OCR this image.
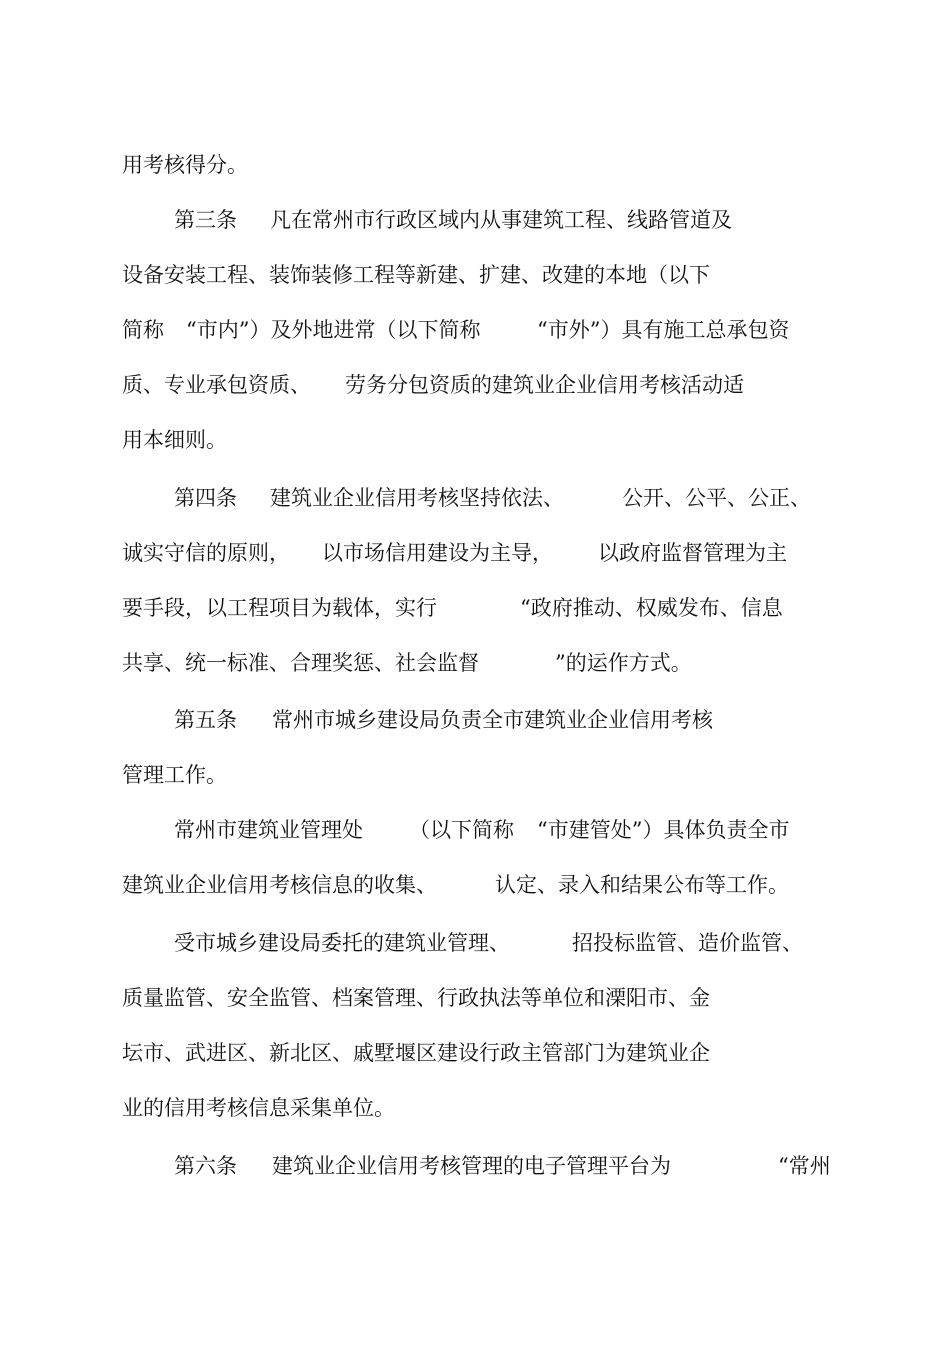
用考核得分。
第三条 凡在常州市行政区域内从事建筑工程、线路管道及
设备安装工程、装饰装修工程等新建、扩建、改建的本地（以下
简称 “市内”）及外地进常（以下简称	“市外”）具有施工总承包资
质、专业承包资质、 劳务分包资质的建筑业企业信用考核活动适
用本细则。
第四条 建筑业企业信用考核坚持依法、	公开、公平、公正、
诚实守信的原则， 以市场信用建设为主导， 以政府监督管理为主
要手段，以工程项目为载体，实行	“政府推动、权威发布、信息
共享、统一标准、合理奖惩、社会监督	”的运作方式。
第五条 常州市城乡建设局负责全市建筑业企业信用考核
管理工作。
常州市建筑业管理处 （以下简称 “市建管处”）具体负责全市
建筑业企业信用考核信息的收集、	认定、录入和结果公布等工作。
受市城乡建设局委托的建筑业管理、	招投标监管、造价监管、
质量监管、安全监管、档案管理、行政执法等单位和溧阳市、金
坛市、武进区、新北区、戚墅堰区建设行政主管部门为建筑业企
业的信用考核信息采集单位。
第六条 建筑业企业信用考核管理的电子管理平台为	“常州
